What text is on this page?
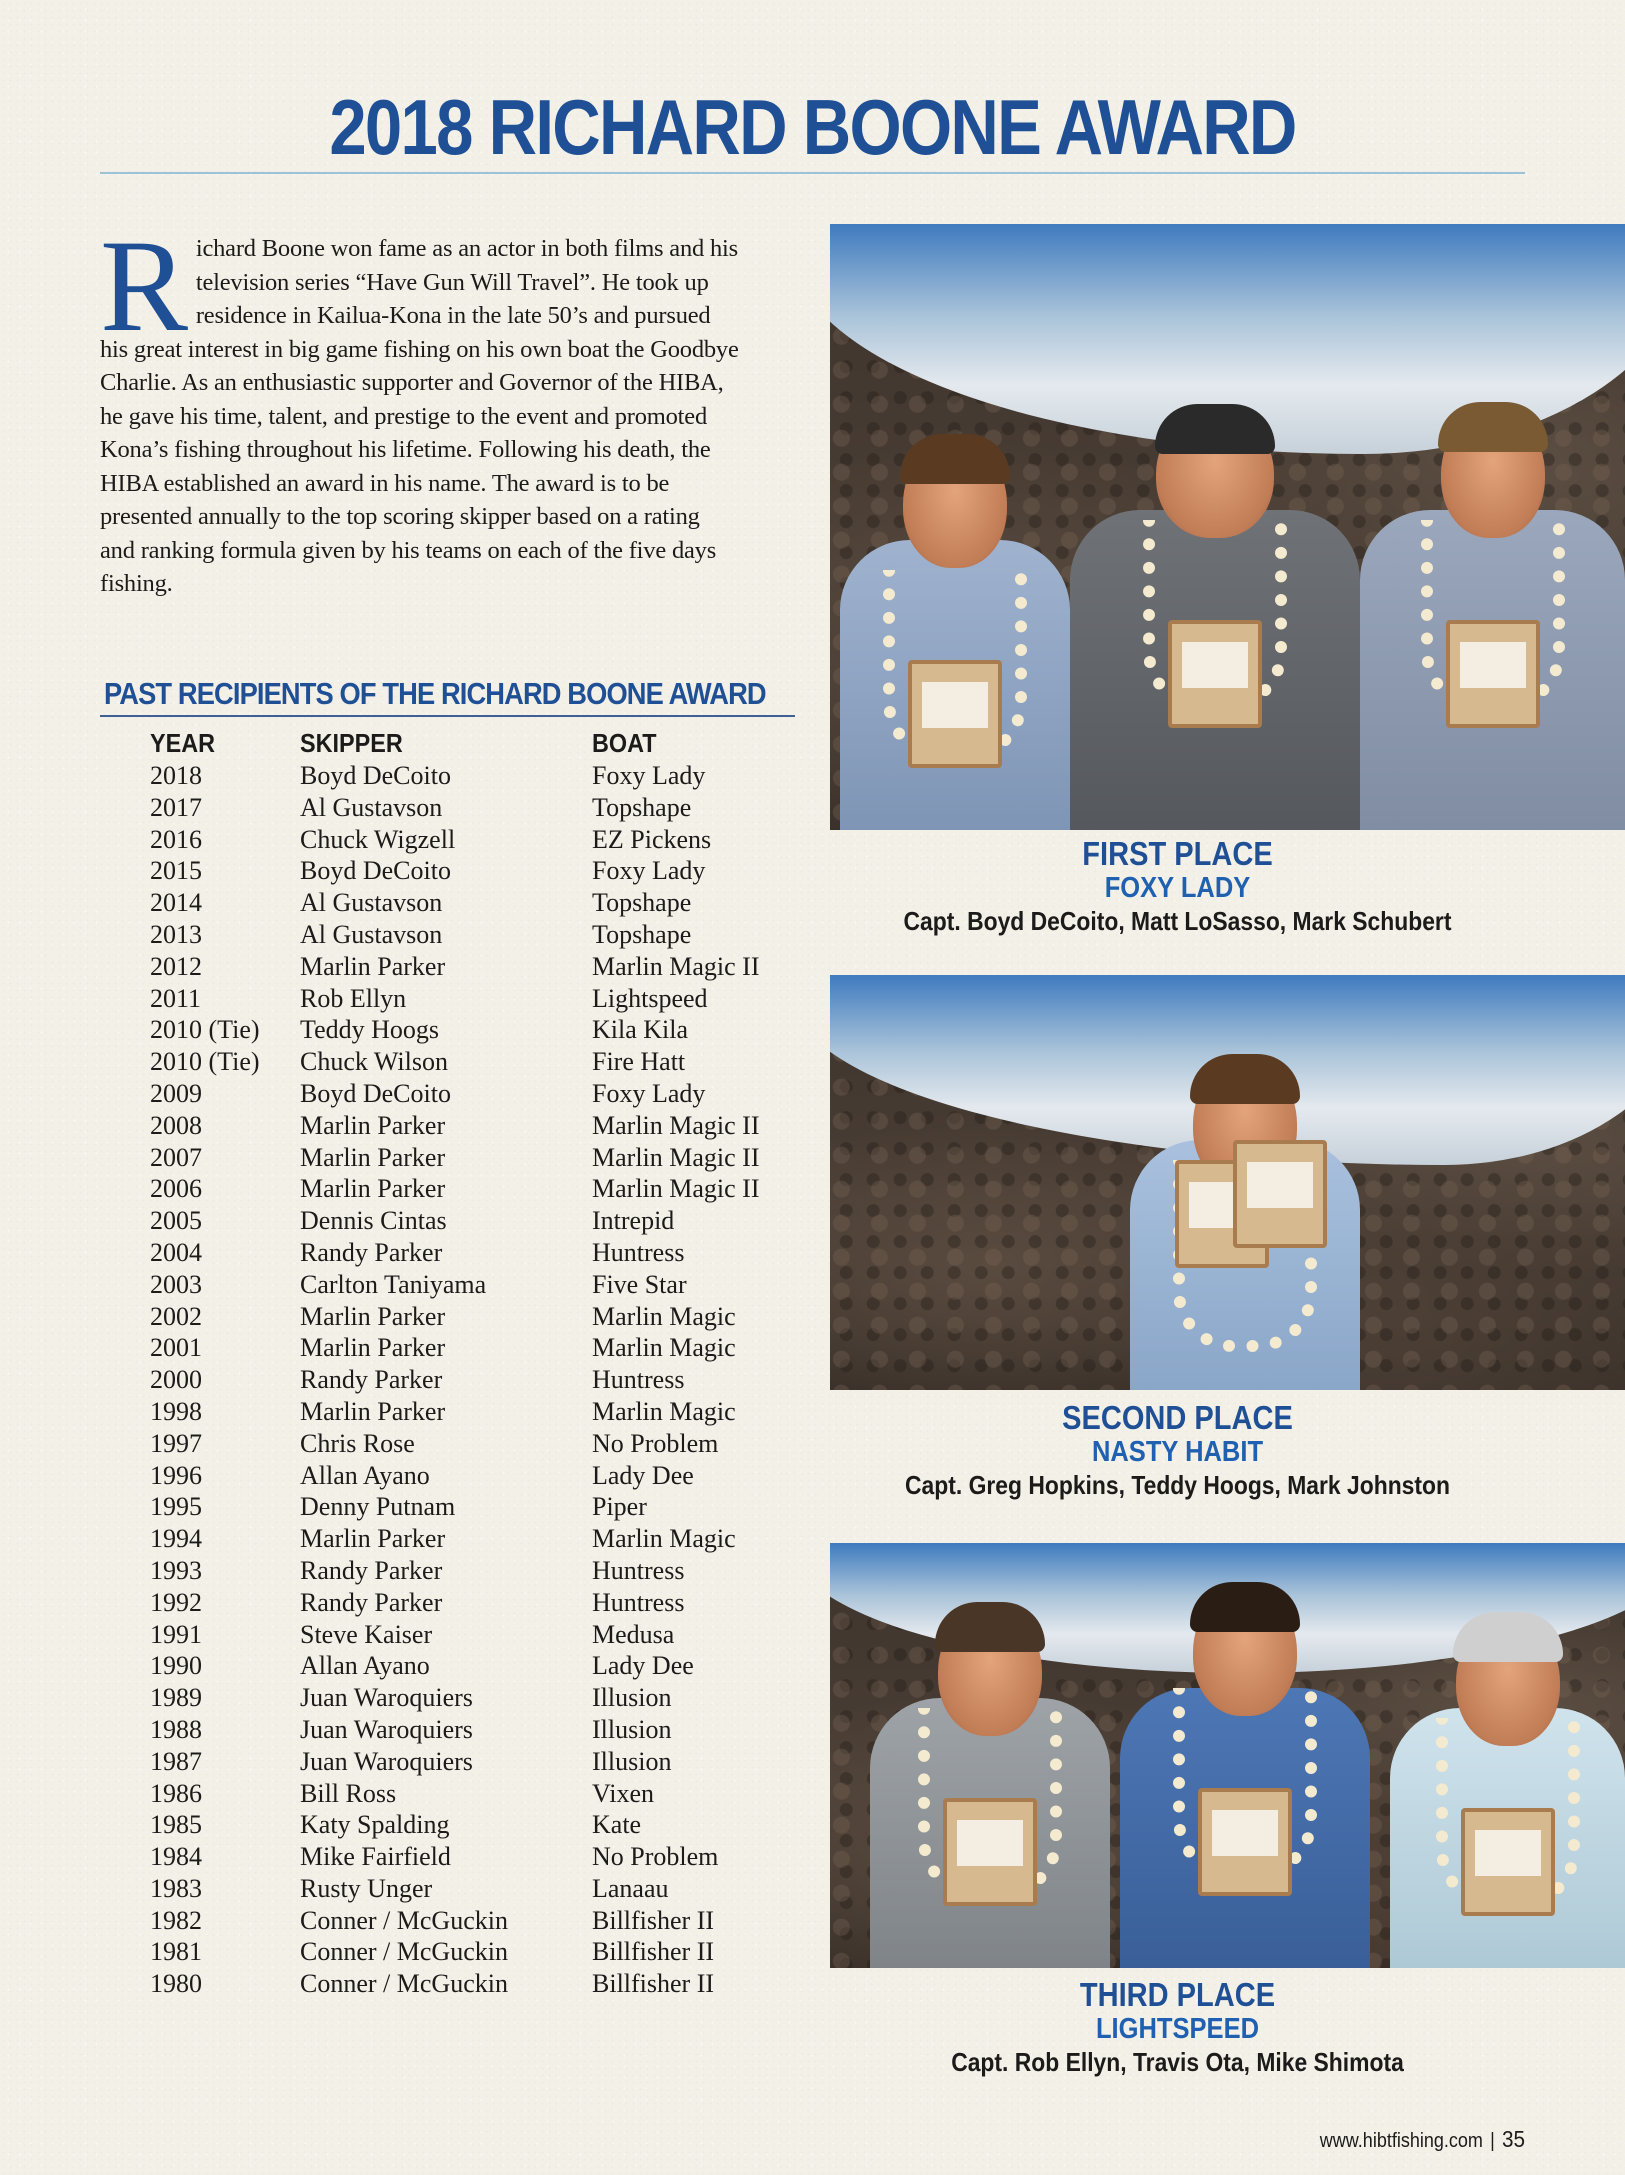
2018 RICHARD BOONE AWARD

Richard Boone won fame as an actor in both films and his television series “Have Gun Will Travel”. He took up residence in Kailua-Kona in the late 50’s and pursued his great interest in big game fishing on his own boat the Goodbye Charlie. As an enthusiastic supporter and Governor of the HIBA, he gave his time, talent, and prestige to the event and promoted Kona’s fishing throughout his lifetime. Following his death, the HIBA established an award in his name. The award is to be presented annually to the top scoring skipper based on a rating and ranking formula given by his teams on each of the five days fishing.

PAST RECIPIENTS OF THE RICHARD BOONE AWARD
YEAR	SKIPPER	BOAT
2018	Boyd DeCoito	Foxy Lady
2017	Al Gustavson	Topshape
2016	Chuck Wigzell	EZ Pickens
2015	Boyd DeCoito	Foxy Lady
2014	Al Gustavson	Topshape
2013	Al Gustavson	Topshape
2012	Marlin Parker	Marlin Magic II
2011	Rob Ellyn	Lightspeed
2010 (Tie) Teddy Hoogs	Kila Kila
2010 (Tie) Chuck Wilson	Fire Hatt
2009	Boyd DeCoito	Foxy Lady
2008	Marlin Parker	Marlin Magic II
2007	Marlin Parker	Marlin Magic II
2006	Marlin Parker	Marlin Magic II
2005	Dennis Cintas	Intrepid
2004	Randy Parker	Huntress
2003	Carlton Taniyama	Five Star
2002	Marlin Parker	Marlin Magic
2001	Marlin Parker	Marlin Magic
2000	Randy Parker	Huntress
1998	Marlin Parker	Marlin Magic
1997	Chris Rose	No Problem
1996	Allan Ayano	Lady Dee
1995	Denny Putnam	Piper
1994	Marlin Parker	Marlin Magic
1993	Randy Parker	Huntress
1992	Randy Parker	Huntress
1991	Steve Kaiser	Medusa
1990	Allan Ayano	Lady Dee
1989	Juan Waroquiers	Illusion
1988	Juan Waroquiers	Illusion
1987	Juan Waroquiers	Illusion
1986	Bill Ross	Vixen
1985	Katy Spalding	Kate
1984	Mike Fairfield	No Problem
1983	Rusty Unger	Lanaau
1982	Conner / McGuckin	Billfisher II
1981	Conner / McGuckin	Billfisher II
1980	Conner / McGuckin	Billfisher II
FIRST PLACE
FOXY LADY
Capt. Boyd DeCoito, Matt LoSasso, Mark Schubert
SECOND PLACE
NASTY HABIT
Capt. Greg Hopkins, Teddy Hoogs, Mark Johnston
THIRD PLACE
LIGHTSPEED
Capt. Rob Ellyn, Travis Ota, Mike Shimota
www.hibtfishing.com | 35
